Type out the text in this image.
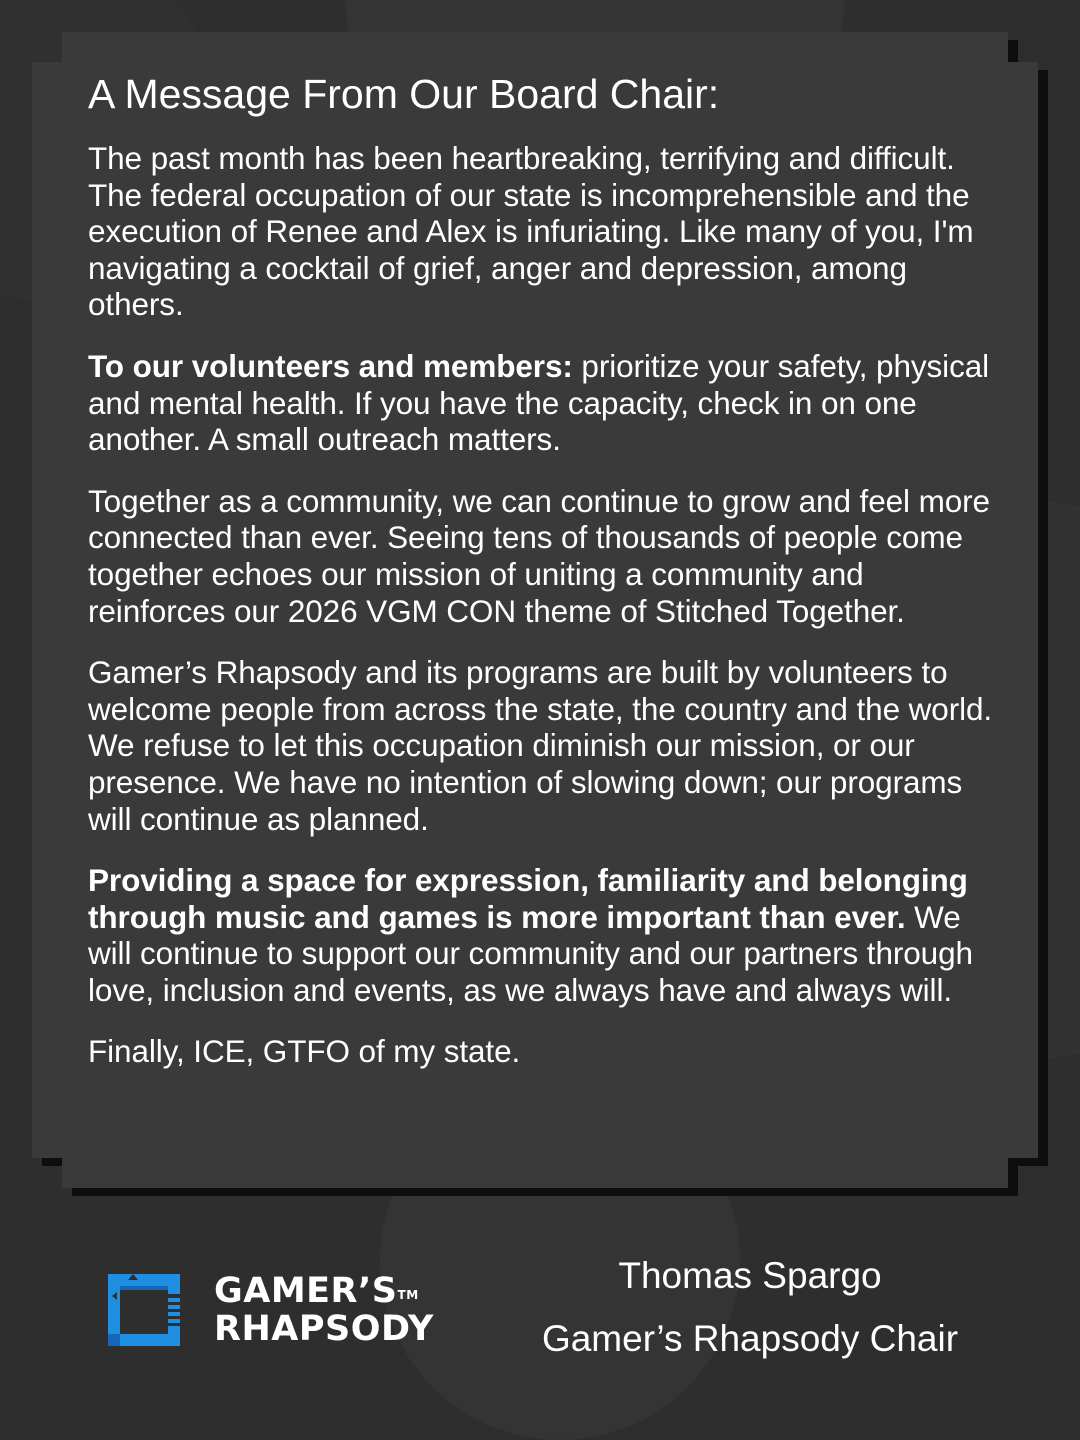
A Message From Our Board Chair:

The past month has been heartbreaking, terrifying and difficult. The federal occupation of our state is incomprehensible and the execution of Renee and Alex is infuriating. Like many of you, I'm navigating a cocktail of grief, anger and depression, among others.

To our volunteers and members: prioritize your safety, physical and mental health. If you have the capacity, check in on one another. A small outreach matters.

Together as a community, we can continue to grow and feel more connected than ever. Seeing tens of thousands of people come together echoes our mission of uniting a community and reinforces our 2026 VGM CON theme of Stitched Together.

Gamer’s Rhapsody and its programs are built by volunteers to welcome people from across the state, the country and the world. We refuse to let this occupation diminish our mission, or our presence. We have no intention of slowing down; our programs will continue as planned.

Providing a space for expression, familiarity and belonging through music and games is more important than ever. We will continue to support our community and our partners through love, inclusion and events, as we always have and always will.

Finally, ICE, GTFO of my state.

GAMER’S™
RHAPSODY
Thomas Spargo
Gamer’s Rhapsody Chair
